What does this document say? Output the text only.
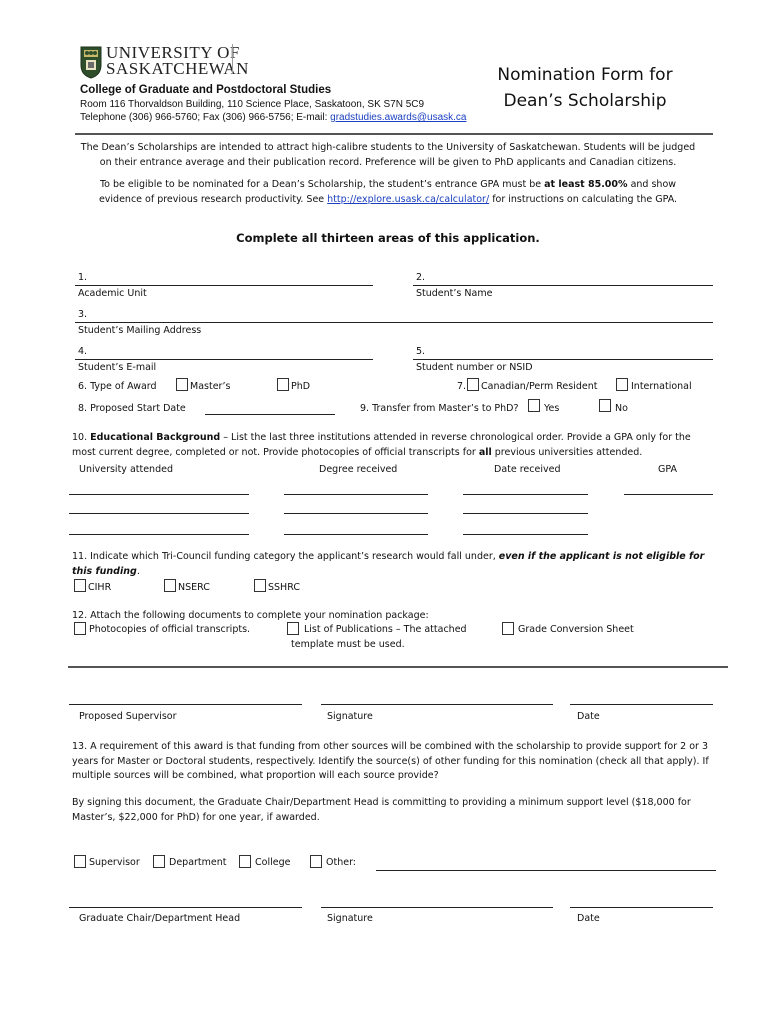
UNIVERSITY OF
SASKATCHEWAN
College of Graduate and Postdoctoral Studies
Room 116 Thorvaldson Building, 110 Science Place, Saskatoon, SK S7N 5C9
Telephone (306) 966-5760; Fax (306) 966-5756; E-mail: gradstudies.awards@usask.ca
Nomination Form for
Dean’s Scholarship
The Dean’s Scholarships are intended to attract high-calibre students to the University of Saskatchewan. Students will be judged on their entrance average and their publication record. Preference will be given to PhD applicants and Canadian citizens.
To be eligible to be nominated for a Dean’s Scholarship, the student’s entrance GPA must be at least 85.00% and show evidence of previous research productivity. See http://explore.usask.ca/calculator/ for instructions on calculating the GPA.
Complete all thirteen areas of this application.
1.
Academic Unit
2.
Student’s Name
3.
Student’s Mailing Address
4.
Student’s E-mail
5.
Student number or NSID
6. Type of Award	Master’s	PhD	7. Canadian/Perm Resident	International
8. Proposed Start Date	9. Transfer from Master’s to PhD?	Yes	No
10. Educational Background – List the last three institutions attended in reverse chronological order. Provide a GPA only for the most current degree, completed or not. Provide photocopies of official transcripts for all previous universities attended.
University attended	Degree received	Date received	GPA
11. Indicate which Tri-Council funding category the applicant’s research would fall under, even if the applicant is not eligible for this funding.
CIHR	NSERC	SSHRC
12. Attach the following documents to complete your nomination package:
Photocopies of official transcripts.	List of Publications – The attached
template must be used.
Grade Conversion Sheet
Proposed Supervisor	Signature	Date
13. A requirement of this award is that funding from other sources will be combined with the scholarship to provide support for 2 or 3 years for Master or Doctoral students, respectively. Identify the source(s) of other funding for this nomination (check all that apply). If multiple sources will be combined, what proportion will each source provide?
By signing this document, the Graduate Chair/Department Head is committing to providing a minimum support level ($18,000 for Master’s, $22,000 for PhD) for one year, if awarded.
Supervisor	Department	College	Other:
Graduate Chair/Department Head	Signature	Date
